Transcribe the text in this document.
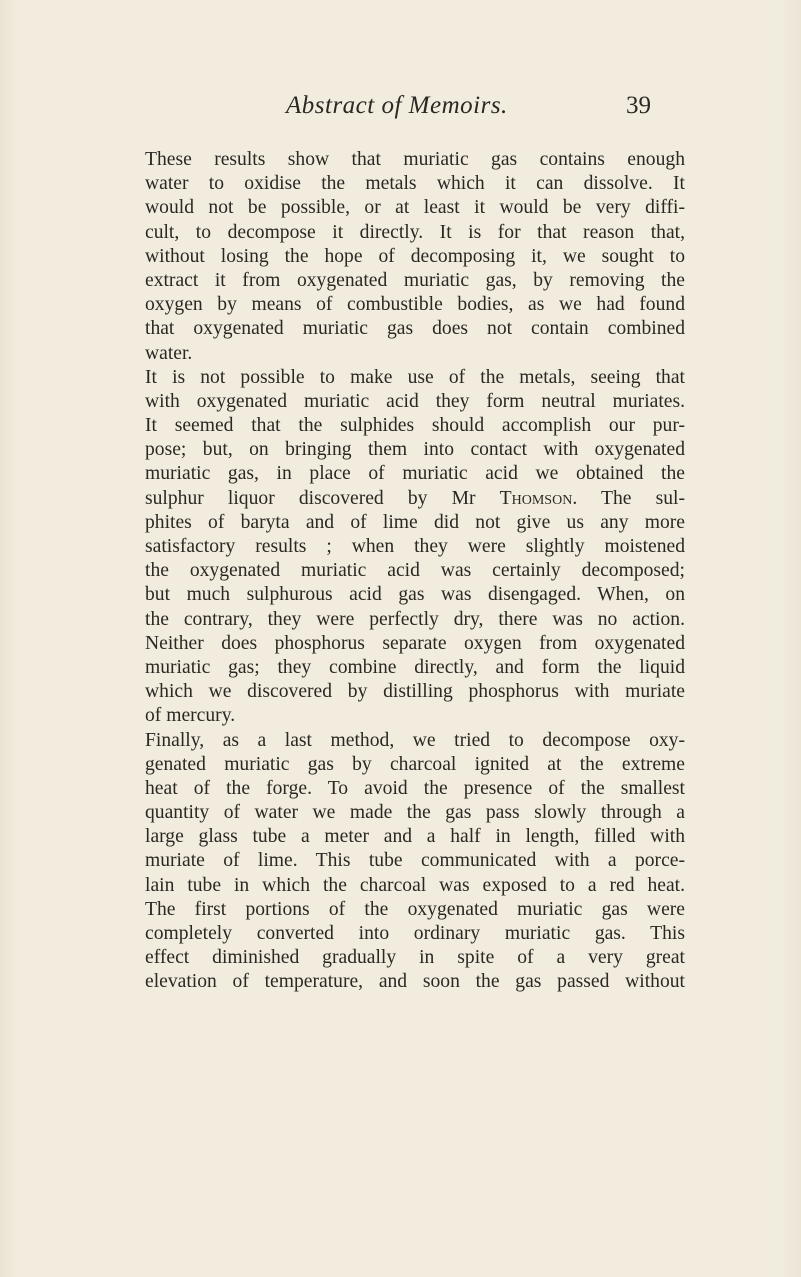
Abstract of Memoirs.	39
These results show that muriatic gas contains enough
water to oxidise the metals which it can dissolve. It
would not be possible, or at least it would be very diffi-
cult, to decompose it directly. It is for that reason that,
without losing the hope of decomposing it, we sought to
extract it from oxygenated muriatic gas, by removing the
oxygen by means of combustible bodies, as we had found
that oxygenated muriatic gas does not contain combined
water.
It is not possible to make use of the metals, seeing that
with oxygenated muriatic acid they form neutral muriates.
It seemed that the sulphides should accomplish our pur-
pose; but, on bringing them into contact with oxygenated
muriatic gas, in place of muriatic acid we obtained the
sulphur liquor discovered by Mr Thomson. The sul-
phites of baryta and of lime did not give us any more
satisfactory results ; when they were slightly moistened
the oxygenated muriatic acid was certainly decomposed;
but much sulphurous acid gas was disengaged. When, on
the contrary, they were perfectly dry, there was no action.
Neither does phosphorus separate oxygen from oxygenated
muriatic gas; they combine directly, and form the liquid
which we discovered by distilling phosphorus with muriate
of mercury.
Finally, as a last method, we tried to decompose oxy-
genated muriatic gas by charcoal ignited at the extreme
heat of the forge. To avoid the presence of the smallest
quantity of water we made the gas pass slowly through a
large glass tube a meter and a half in length, filled with
muriate of lime. This tube communicated with a porce-
lain tube in which the charcoal was exposed to a red heat.
The first portions of the oxygenated muriatic gas were
completely converted into ordinary muriatic gas. This
effect diminished gradually in spite of a very great
elevation of temperature, and soon the gas passed without
